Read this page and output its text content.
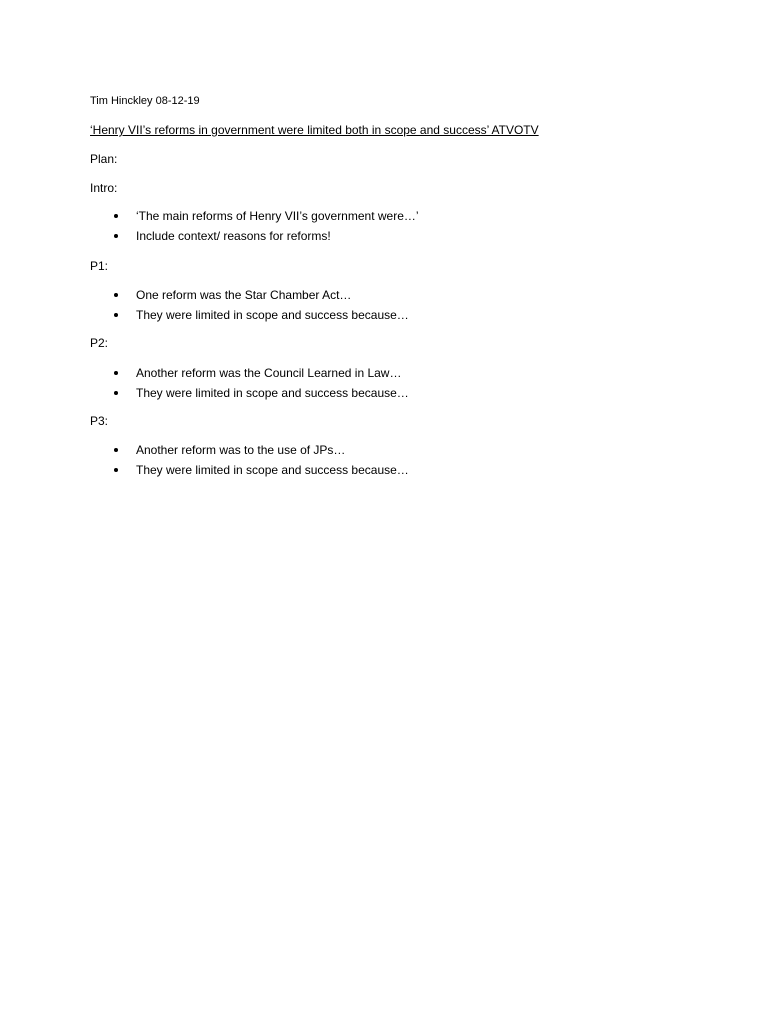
Tim Hinckley 08-12-19
‘Henry VII’s reforms in government were limited both in scope and success’ ATVOTV
Plan:
Intro:
‘The main reforms of Henry VII’s government were…’
Include context/ reasons for reforms!
P1:
One reform was the Star Chamber Act…
They were limited in scope and success because…
P2:
Another reform was the Council Learned in Law…
They were limited in scope and success because…
P3:
Another reform was to the use of JPs…
They were limited in scope and success because…
